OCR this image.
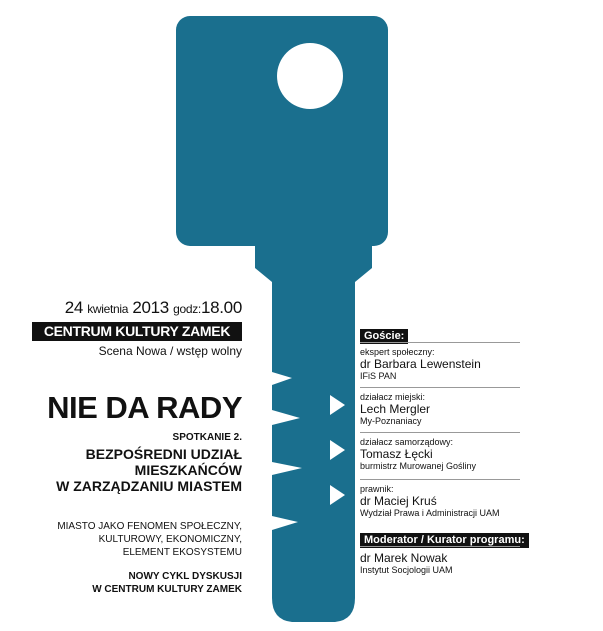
24 kwietnia 2013 godz:18.00
CENTRUM KULTURY ZAMEK
Scena Nowa / wstęp wolny
NIE DA RADY
SPOTKANIE 2.
BEZPOŚREDNI UDZIAŁ
MIESZKAŃCÓW
W ZARZĄDZANIU MIASTEM
MIASTO JAKO FENOMEN SPOŁECZNY,
KULTUROWY, EKONOMICZNY,
ELEMENT EKOSYSTEMU
NOWY CYKL DYSKUSJI
W CENTRUM KULTURY ZAMEK
Goście:
ekspert społeczny:
dr Barbara Lewenstein
IFiS PAN
działacz miejski:
Lech Mergler
My-Poznaniacy
działacz samorządowy:
Tomasz Łęcki
burmistrz Murowanej Gośliny
prawnik:
dr Maciej Kruś
Wydział Prawa i Administracji UAM
Moderator / Kurator programu:
dr Marek Nowak
Instytut Socjologii UAM
